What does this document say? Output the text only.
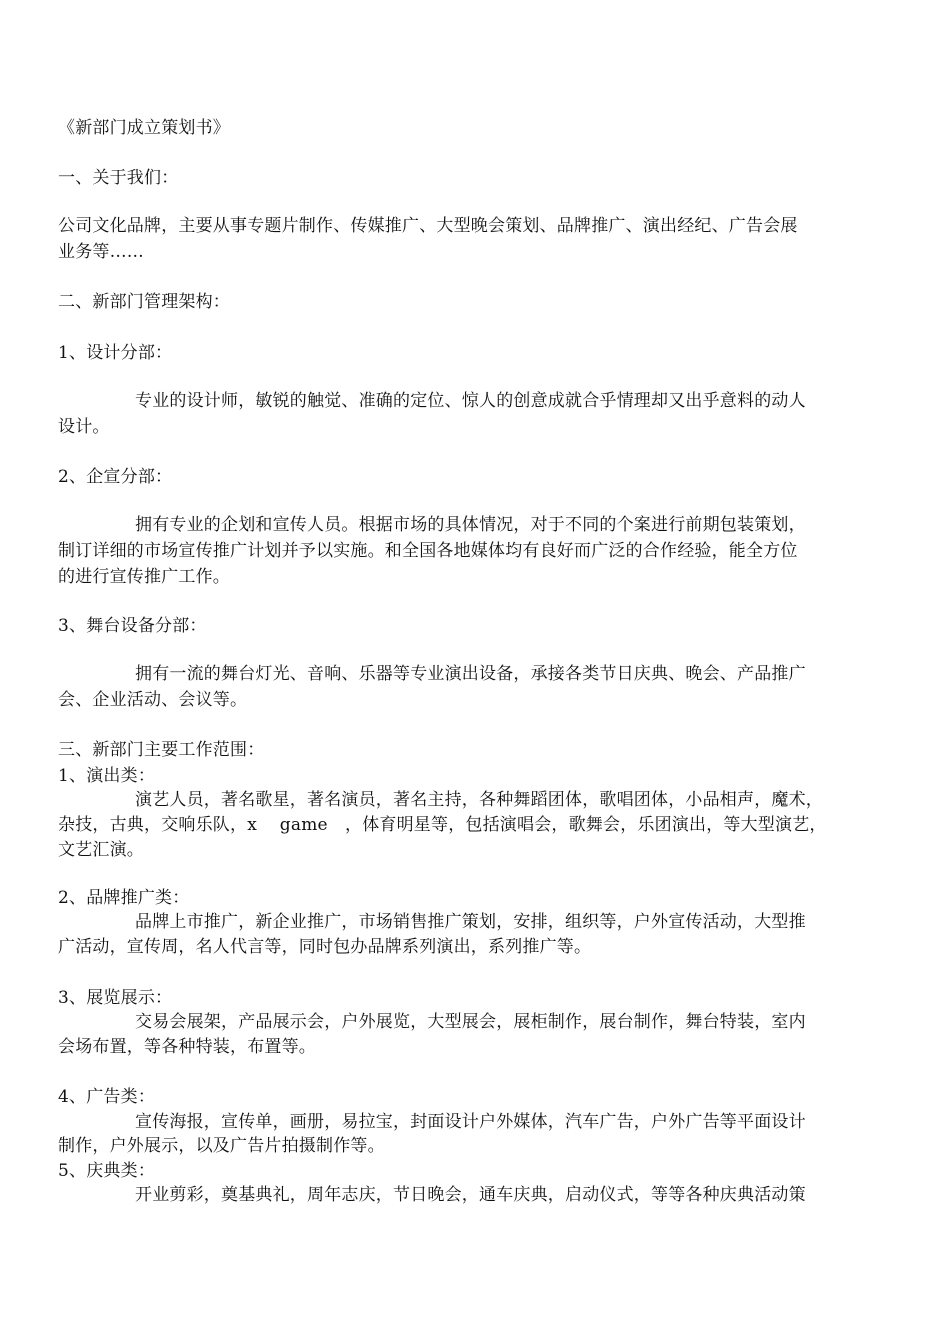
《新部门成立策划书》
一、关于我们：
公司文化品牌，主要从事专题片制作、传媒推广、大型晚会策划、品牌推广、演出经纪、广告会展
业务等……
二、新部门管理架构：
1、设计分部：
专业的设计师，敏锐的触觉、准确的定位、惊人的创意成就合乎情理却又出乎意料的动人
设计。
2、企宣分部：
拥有专业的企划和宣传人员。根据市场的具体情况，对于不同的个案进行前期包装策划，
制订详细的市场宣传推广计划并予以实施。和全国各地媒体均有良好而广泛的合作经验，能全方位
的进行宣传推广工作。
3、舞台设备分部：
拥有一流的舞台灯光、音响、乐器等专业演出设备，承接各类节日庆典、晚会、产品推广
会、企业活动、会议等。
三、新部门主要工作范围：
1、演出类：
演艺人员，著名歌星，著名演员，著名主持，各种舞蹈团体，歌唱团体，小品相声，魔术，
杂技，古典，交响乐队，x　 game　，体育明星等，包括演唱会，歌舞会，乐团演出，等大型演艺，
文艺汇演。
2、品牌推广类：
品牌上市推广，新企业推广，市场销售推广策划，安排，组织等，户外宣传活动，大型推
广活动，宣传周，名人代言等，同时包办品牌系列演出，系列推广等。
3、展览展示：
交易会展架，产品展示会，户外展览，大型展会，展柜制作，展台制作，舞台特装，室内
会场布置，等各种特装，布置等。
4、广告类：
宣传海报，宣传单，画册，易拉宝，封面设计户外媒体，汽车广告，户外广告等平面设计
制作，户外展示，以及广告片拍摄制作等。
5、庆典类：
开业剪彩，奠基典礼，周年志庆，节日晚会，通车庆典，启动仪式，等等各种庆典活动策
